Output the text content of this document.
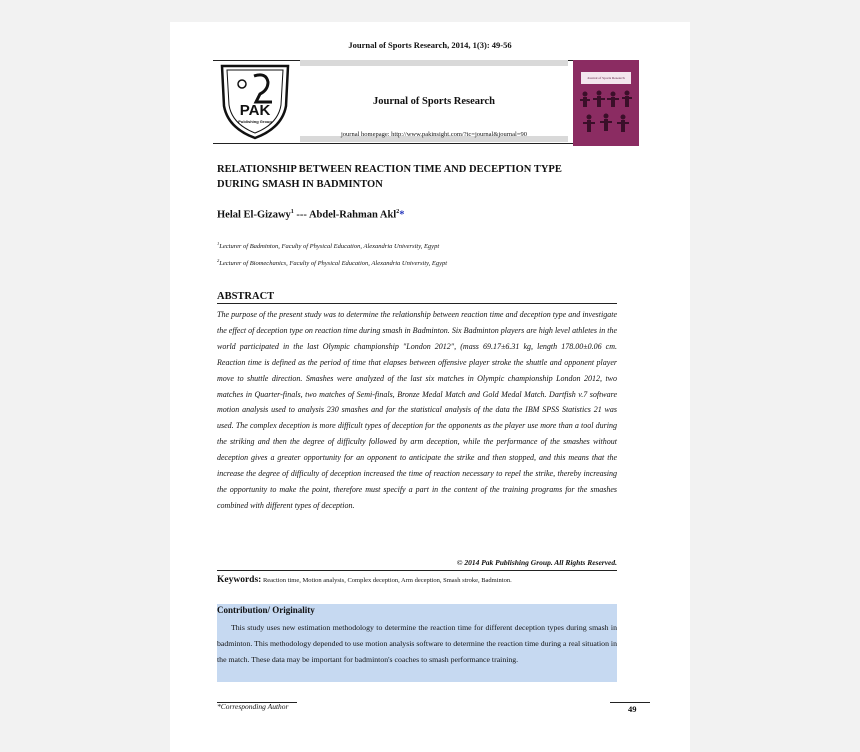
Journal of Sports Research, 2014, 1(3): 49-56
PAK
Publishing Group
Journal of Sports Research
journal homepage: http://www.pakinsight.com/?ic=journal&journal=90
Journal of Sports Research
RELATIONSHIP BETWEEN REACTION TIME AND DECEPTION TYPE
DURING SMASH IN BADMINTON
Helal El-Gizawy$^1$ --- Abdel-Rahman Akl$^2$*
$^1$Lecturer of Badminton, Faculty of Physical Education, Alexandria University, Egypt
$^2$Lecturer of Biomechanics, Faculty of Physical Education, Alexandria University, Egypt
ABSTRACT
The purpose of the present study was to determine the relationship between reaction time and deception type and investigate the effect of deception type on reaction time during smash in Badminton. Six Badminton players are high level athletes in the world participated in the last Olympic championship "London 2012", (mass 69.17±6.31 kg, length 178.00±0.06 cm. Reaction time is defined as the period of time that elapses between offensive player stroke the shuttle and opponent player move to shuttle direction. Smashes were analyzed of the last six matches in Olympic championship London 2012, two matches in Quarter-finals, two matches of Semi-finals, Bronze Medal Match and Gold Medal Match. Dartfish v.7 software motion analysis used to analysis 230 smashes and for the statistical analysis of the data the IBM SPSS Statistics 21 was used. The complex deception is more difficult types of deception for the opponents as the player use more than a tool during the striking and then the degree of difficulty followed by arm deception, while the performance of the smashes without deception gives a greater opportunity for an opponent to anticipate the strike and then stopped, and this means that the increase the degree of difficulty of deception increased the time of reaction necessary to repel the strike, thereby increasing the opportunity to make the point, therefore must specify a part in the content of the training programs for the smashes combined with different types of deception.
© 2014 Pak Publishing Group. All Rights Reserved.
Keywords: Reaction time, Motion analysis, Complex deception, Arm deception, Smash stroke, Badminton.
Contribution/ Originality
This study uses new estimation methodology to determine the reaction time for different deception types during smash in badminton. This methodology depended to use motion analysis software to determine the reaction time during a real situation in the match. These data may be important for badminton's coaches to smash performance training.
*Corresponding Author	49
